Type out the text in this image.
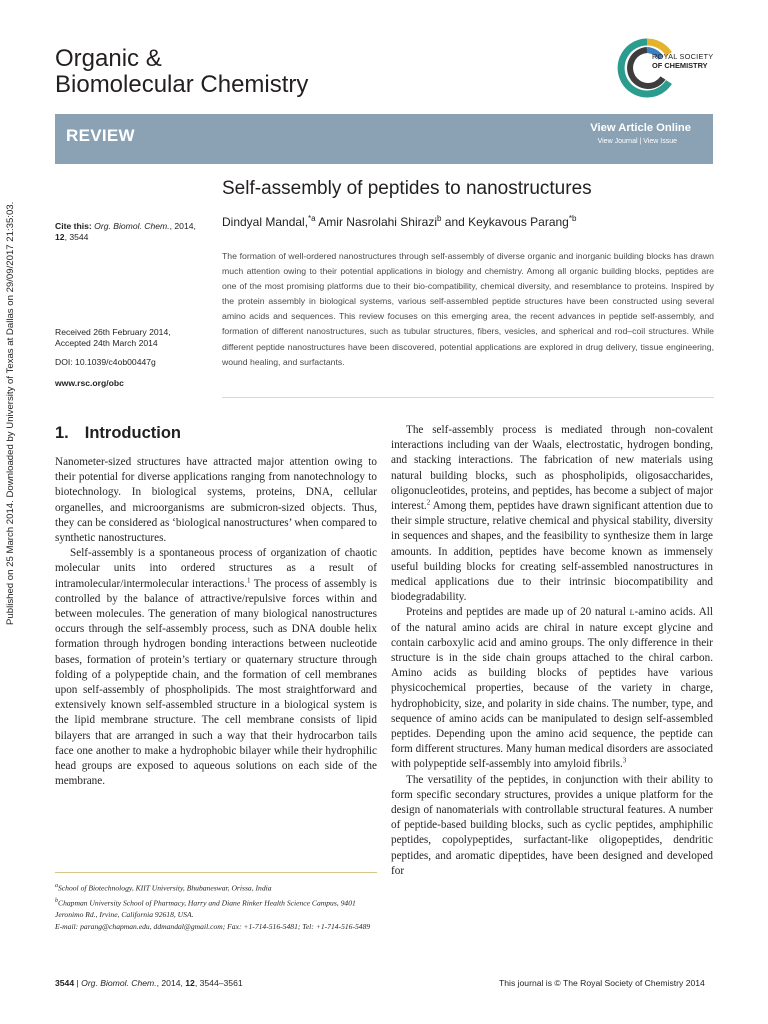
Published on 25 March 2014. Downloaded by University of Texas at Dallas on 29/09/2017 21:35:03.
Organic &
Biomolecular Chemistry
ROYAL SOCIETY
OF CHEMISTRY
REVIEW	View Article Online
View Journal | View Issue
Self-assembly of peptides to nanostructures
Dindyal Mandal,$^{*a}$ Amir Nasrolahi Shirazi$^b$ and Keykavous Parang$^{*b}$
Cite this: Org. Biomol. Chem., 2014,
12, 3544
Received 26th February 2014,
Accepted 24th March 2014
DOI: 10.1039/c4ob00447g
www.rsc.org/obc
The formation of well-ordered nanostructures through self-assembly of diverse organic and inorganic building blocks has drawn much attention owing to their potential applications in biology and chemistry. Among all organic building blocks, peptides are one of the most promising platforms due to their bio-compatibility, chemical diversity, and resemblance to proteins. Inspired by the protein assembly in biological systems, various self-assembled peptide structures have been constructed using several amino acids and sequences. This review focuses on this emerging area, the recent advances in peptide self-assembly, and formation of different nanostructures, such as tubular structures, fibers, vesicles, and spherical and rod–coil structures. While different peptide nanostructures have been discovered, potential applications are explored in drug delivery, tissue engineering, wound healing, and surfactants.
1. Introduction

Nanometer-sized structures have attracted major attention owing to their potential for diverse applications ranging from nanotechnology to biotechnology. In biological systems, proteins, DNA, cellular organelles, and microorganisms are submicron-sized objects. Thus, they can be considered as ‘biological nanostructures’ when compared to synthetic nanostructures.

Self-assembly is a spontaneous process of organization of chaotic molecular units into ordered structures as a result of intramolecular/intermolecular interactions.$^1$ The process of assembly is controlled by the balance of attractive/repulsive forces within and between molecules. The generation of many biological nanostructures occurs through the self-assembly process, such as DNA double helix formation through hydrogen bonding interactions between nucleotide bases, formation of protein’s tertiary or quaternary structure through folding of a polypeptide chain, and the formation of cell membranes upon self-assembly of phospholipids. The most straightforward and extensively known self-assembled structure in a biological system is the lipid membrane structure. The cell membrane consists of lipid bilayers that are arranged in such a way that their hydrocarbon tails face one another to make a hydrophobic bilayer while their hydrophilic head groups are exposed to aqueous solutions on each side of the membrane.

The self-assembly process is mediated through non-covalent interactions including van der Waals, electrostatic, hydrogen bonding, and stacking interactions. The fabrication of new materials using natural building blocks, such as phospholipids, oligosaccharides, oligonucleotides, proteins, and peptides, has become a subject of major interest.$^2$ Among them, peptides have drawn significant attention due to their simple structure, relative chemical and physical stability, diversity in sequences and shapes, and the feasibility to synthesize them in large amounts. In addition, peptides have become known as immensely useful building blocks for creating self-assembled nanostructures in medical applications due to their intrinsic biocompatibility and biodegradability.

Proteins and peptides are made up of 20 natural l-amino acids. All of the natural amino acids are chiral in nature except glycine and contain carboxylic acid and amino groups. The only difference in their structure is in the side chain groups attached to the chiral carbon. Amino acids as building blocks of peptides have various physicochemical properties, because of the variety in charge, hydrophobicity, size, and polarity in side chains. The number, type, and sequence of amino acids can be manipulated to design self-assembled peptides. Depending upon the amino acid sequence, the peptide can form different structures. Many human medical disorders are associated with polypeptide self-assembly into amyloid fibrils.$^3$

The versatility of the peptides, in conjunction with their ability to form specific secondary structures, provides a unique platform for the design of nanomaterials with controllable structural features. A number of peptide-based building blocks, such as cyclic peptides, amphiphilic peptides, copolypeptides, surfactant-like oligopeptides, dendritic peptides, and aromatic dipeptides, have been designed and developed for

$^a$School of Biotechnology, KIIT University, Bhubaneswar, Orissa, India

$^b$Chapman University School of Pharmacy, Harry and Diane Rinker Health Science Campus, 9401 Jeronimo Rd., Irvine, California 92618, USA.

E-mail: parang@chapman.edu, ddmandal@gmail.com; Fax: +1-714-516-5481; Tel: +1-714-516-5489

3544 | Org. Biomol. Chem., 2014, 12, 3544–3561	This journal is © The Royal Society of Chemistry 2014
